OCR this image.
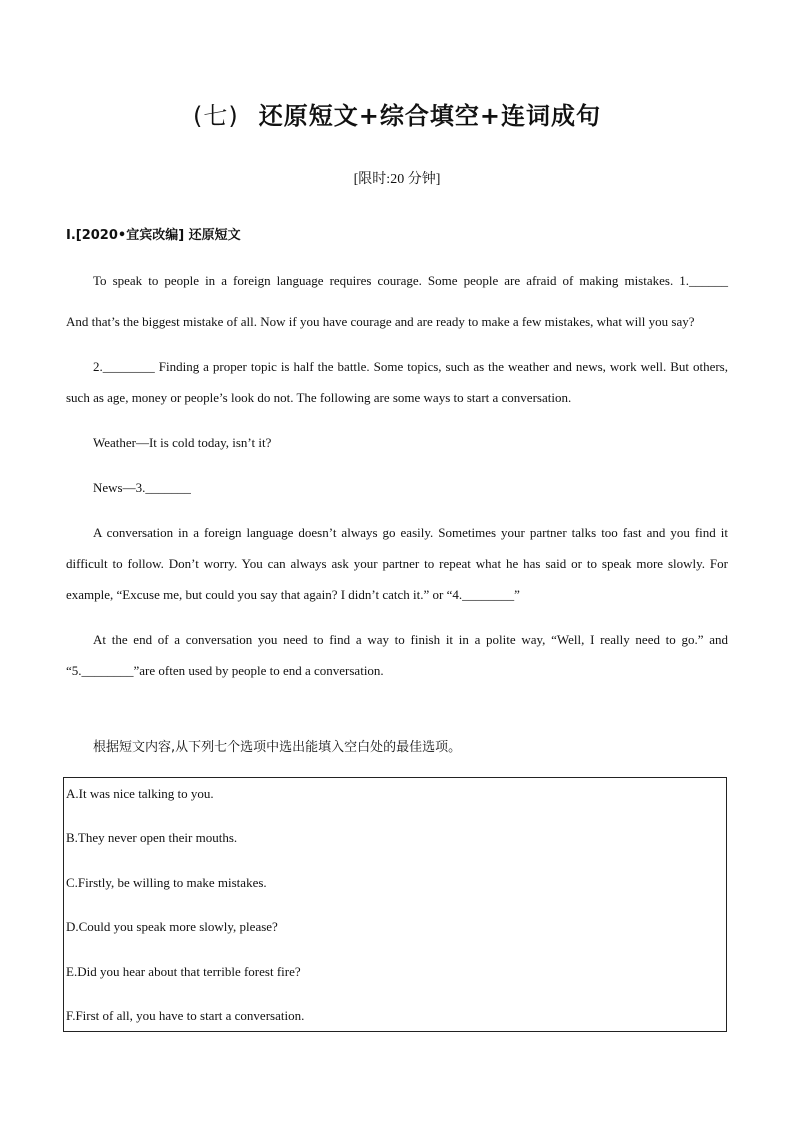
(七) 还原短文+综合填空+连词成句
[限时:20 分钟]
Ⅰ.[2020•宜宾改编] 还原短文

To speak to people in a foreign language requires courage. Some people are afraid of making mistakes. 1.______

And that’s the biggest mistake of all. Now if you have courage and are ready to make a few mistakes, what will you say?

2.________ Finding a proper topic is half the battle. Some topics, such as the weather and news, work well. But others, such as age, money or people’s look do not. The following are some ways to start a conversation.

Weather—It is cold today, isn’t it?

News—3._______

A conversation in a foreign language doesn’t always go easily. Sometimes your partner talks too fast and you find it difficult to follow. Don’t worry. You can always ask your partner to repeat what he has said or to speak more slowly. For example, “Excuse me, but could you say that again? I didn’t catch it.” or “4.________”

At the end of a conversation you need to find a way to finish it in a polite way, “Well, I really need to go.” and “5.________”are often used by people to end a conversation.

根据短文内容,从下列七个选项中选出能填入空白处的最佳选项。
A.It was nice talking to you.
B.They never open their mouths.
C.Firstly, be willing to make mistakes.
D.Could you speak more slowly, please?
E.Did you hear about that terrible forest fire?
F.First of all, you have to start a conversation.
